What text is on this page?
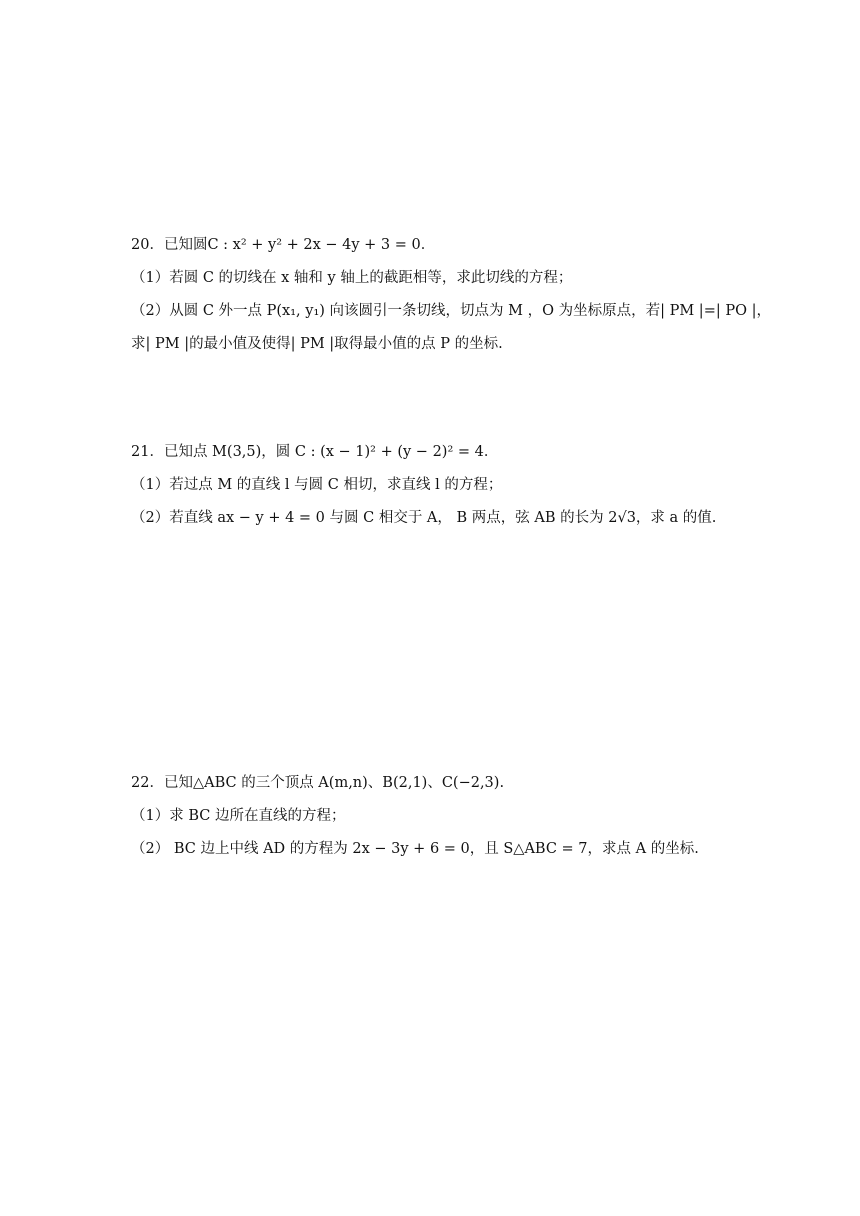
20．已知圆C : x² + y² + 2x − 4y + 3 = 0．
（1）若圆 C 的切线在 x 轴和 y 轴上的截距相等，求此切线的方程；
（2）从圆 C 外一点 P(x₁, y₁) 向该圆引一条切线，切点为 M ，O 为坐标原点，若| PM |=| PO |，
求| PM |的最小值及使得| PM |取得最小值的点 P 的坐标.
21．已知点 M(3,5)，圆 C : (x − 1)² + (y − 2)² = 4．
（1）若过点 M 的直线 l 与圆 C 相切，求直线 l 的方程；
（2）若直线 ax − y + 4 = 0 与圆 C 相交于 A， B 两点，弦 AB 的长为 2√3，求 a 的值.
22．已知△ABC 的三个顶点 A(m,n)、B(2,1)、C(−2,3).
（1）求 BC 边所在直线的方程；
（2） BC 边上中线 AD 的方程为 2x − 3y + 6 = 0，且 S△ABC = 7，求点 A 的坐标.
